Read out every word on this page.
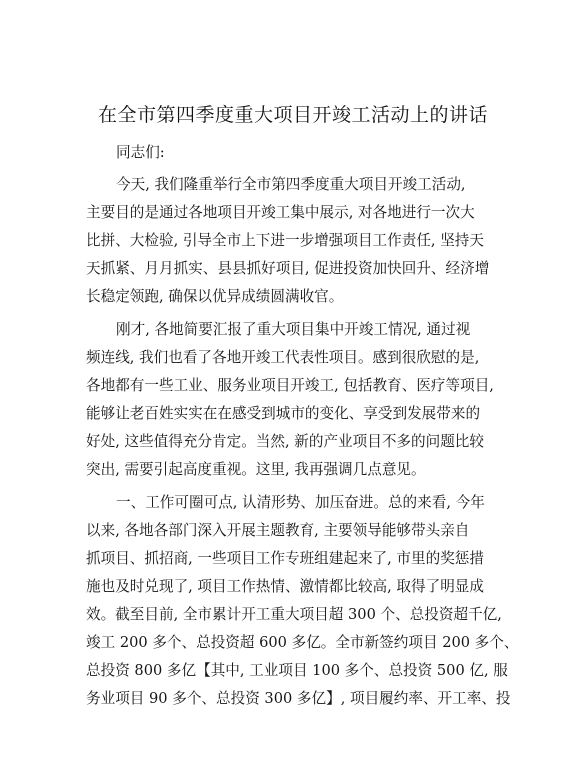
在全市第四季度重大项目开竣工活动上的讲话

同志们:

今天, 我们隆重举行全市第四季度重大项目开竣工活动,

主要目的是通过各地项目开竣工集中展示, 对各地进行一次大

比拼、大检验, 引导全市上下进一步增强项目工作责任, 坚持天

天抓紧、月月抓实、县县抓好项目, 促进投资加快回升、经济增

长稳定领跑, 确保以优异成绩圆满收官。

刚才, 各地简要汇报了重大项目集中开竣工情况, 通过视

频连线, 我们也看了各地开竣工代表性项目。感到很欣慰的是,

各地都有一些工业、服务业项目开竣工, 包括教育、医疗等项目,

能够让老百姓实实在在感受到城市的变化、享受到发展带来的

好处, 这些值得充分肯定。当然, 新的产业项目不多的问题比较

突出, 需要引起高度重视。这里, 我再强调几点意见。

一、工作可圈可点, 认清形势、加压奋进。总的来看, 今年

以来, 各地各部门深入开展主题教育, 主要领导能够带头亲自

抓项目、抓招商, 一些项目工作专班组建起来了, 市里的奖惩措

施也及时兑现了, 项目工作热情、激情都比较高, 取得了明显成

效。截至目前, 全市累计开工重大项目超 300 个、总投资超千亿,

竣工 200 多个、总投资超 600 多亿。全市新签约项目 200 多个、

总投资 800 多亿【其中, 工业项目 100 多个、总投资 500 亿, 服

务业项目 90 多个、总投资 300 多亿】, 项目履约率、开工率、投
